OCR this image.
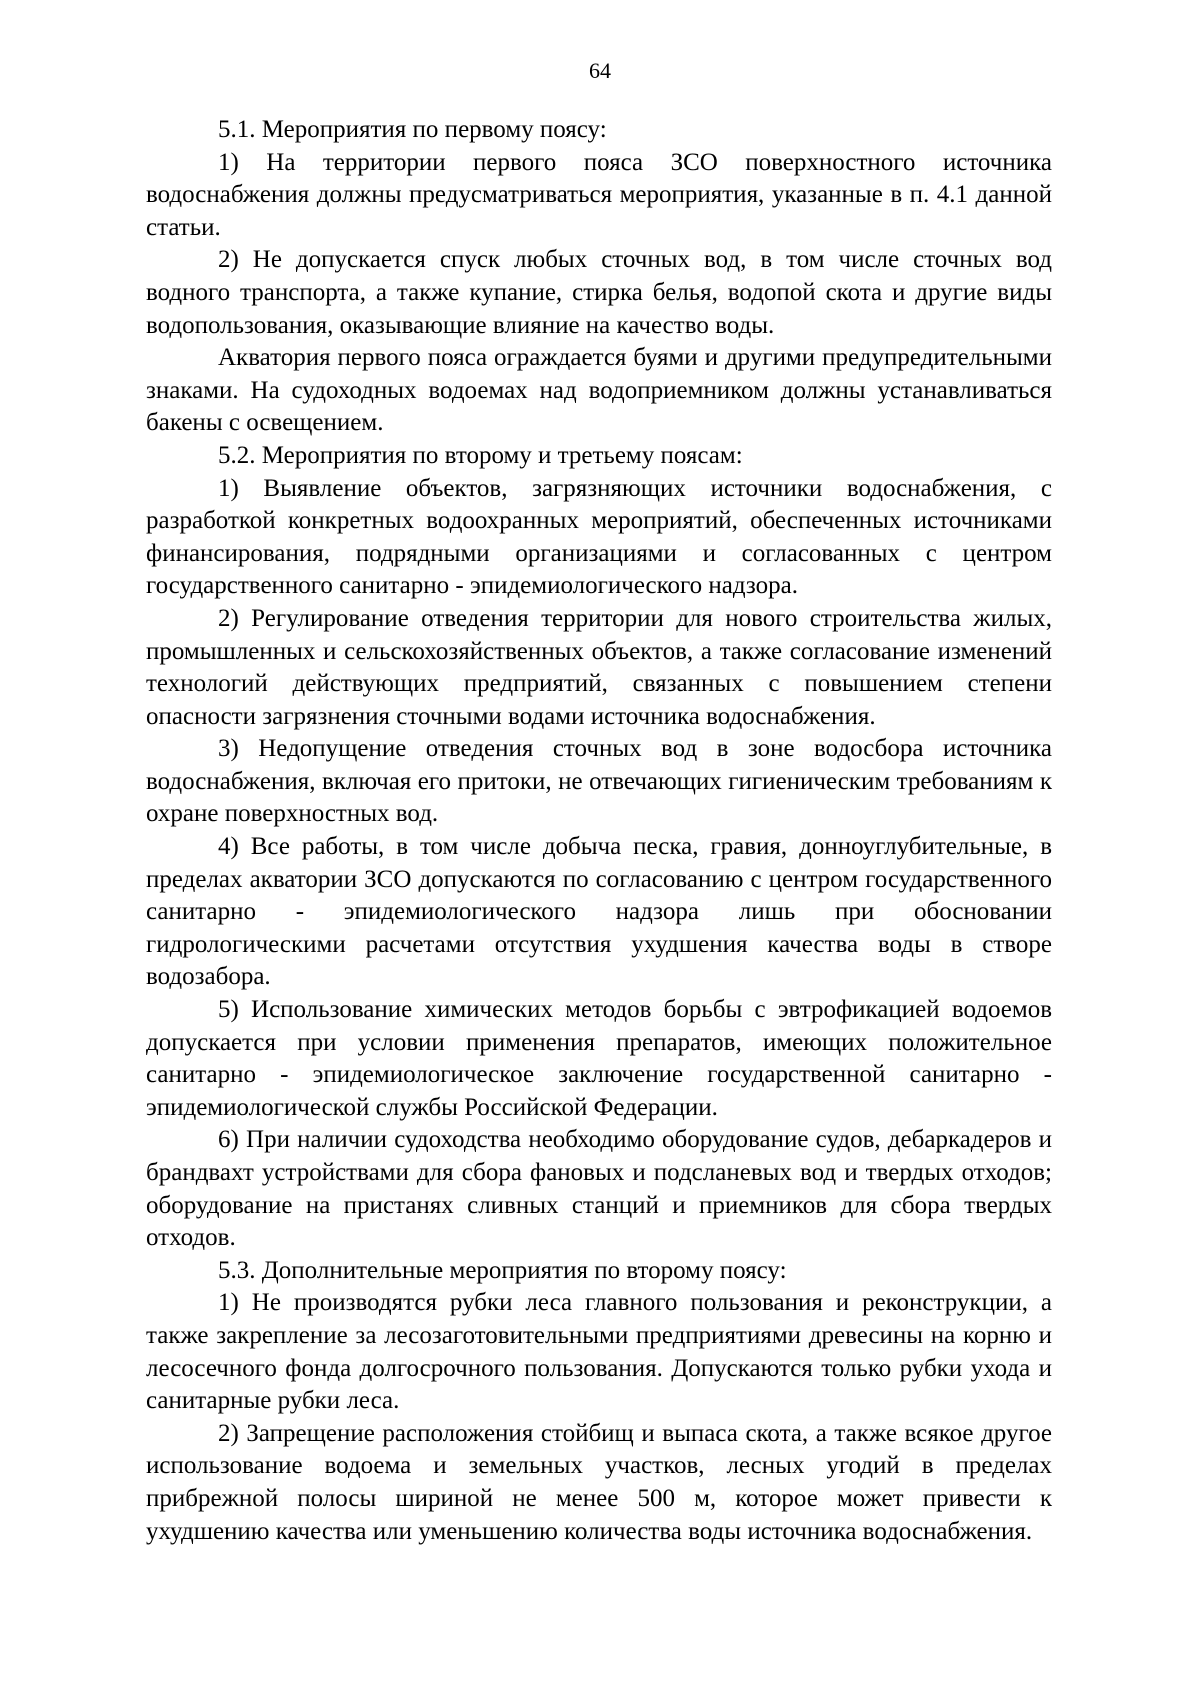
64

5.1. Мероприятия по первому поясу:

1) На территории первого пояса ЗСО поверхностного источника водоснабжения должны предусматриваться мероприятия, указанные в п. 4.1 данной статьи.

2) Не допускается спуск любых сточных вод, в том числе сточных вод водного транспорта, а также купание, стирка белья, водопой скота и другие виды водопользования, оказывающие влияние на качество воды.

Акватория первого пояса ограждается буями и другими предупредительными знаками. На судоходных водоемах над водоприемником должны устанавливаться бакены с освещением.

5.2. Мероприятия по второму и третьему поясам:

1) Выявление объектов, загрязняющих источники водоснабжения, с разработкой конкретных водоохранных мероприятий, обеспеченных источниками финансирования, подрядными организациями и согласованных с центром государственного санитарно - эпидемиологического надзора.

2) Регулирование отведения территории для нового строительства жилых, промышленных и сельскохозяйственных объектов, а также согласование изменений технологий действующих предприятий, связанных с повышением степени опасности загрязнения сточными водами источника водоснабжения.

3) Недопущение отведения сточных вод в зоне водосбора источника водоснабжения, включая его притоки, не отвечающих гигиеническим требованиям к охране поверхностных вод.

4) Все работы, в том числе добыча песка, гравия, донноуглубительные, в пределах акватории ЗСО допускаются по согласованию с центром государственного санитарно - эпидемиологического надзора лишь при обосновании гидрологическими расчетами отсутствия ухудшения качества воды в створе водозабора.

5) Использование химических методов борьбы с эвтрофикацией водоемов допускается при условии применения препаратов, имеющих положительное санитарно - эпидемиологическое заключение государственной санитарно - эпидемиологической службы Российской Федерации.

6) При наличии судоходства необходимо оборудование судов, дебаркадеров и брандвахт устройствами для сбора фановых и подсланевых вод и твердых отходов; оборудование на пристанях сливных станций и приемников для сбора твердых отходов.

5.3. Дополнительные мероприятия по второму поясу:

1) Не производятся рубки леса главного пользования и реконструкции, а также закрепление за лесозаготовительными предприятиями древесины на корню и лесосечного фонда долгосрочного пользования. Допускаются только рубки ухода и санитарные рубки леса.

2) Запрещение расположения стойбищ и выпаса скота, а также всякое другое использование водоема и земельных участков, лесных угодий в пределах прибрежной полосы шириной не менее 500 м, которое может привести к ухудшению качества или уменьшению количества воды источника водоснабжения.
